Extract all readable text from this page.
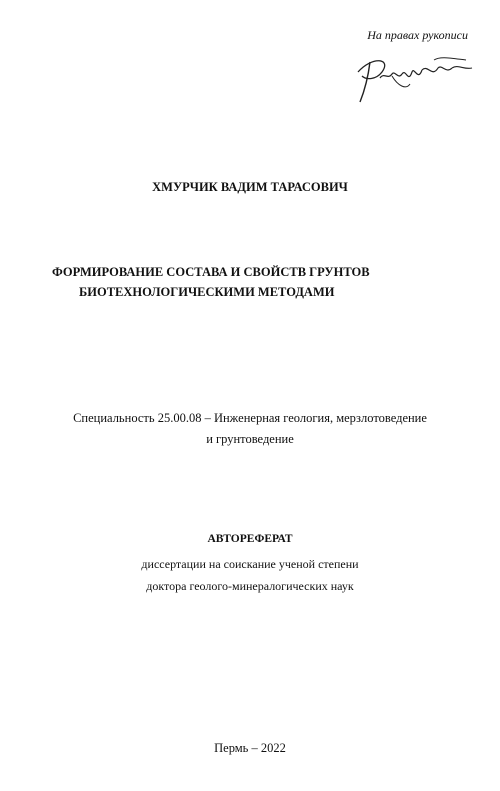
На правах рукописи
ХМУРЧИК ВАДИМ ТАРАСОВИЧ
ФОРМИРОВАНИЕ СОСТАВА И СВОЙСТВ ГРУНТОВ
БИОТЕХНОЛОГИЧЕСКИМИ МЕТОДАМИ
Специальность 25.00.08 – Инженерная геология, мерзлотоведение
и грунтоведение
АВТОРЕФЕРАТ
диссертации на соискание ученой степени
доктора геолого-минералогических наук
Пермь – 2022
